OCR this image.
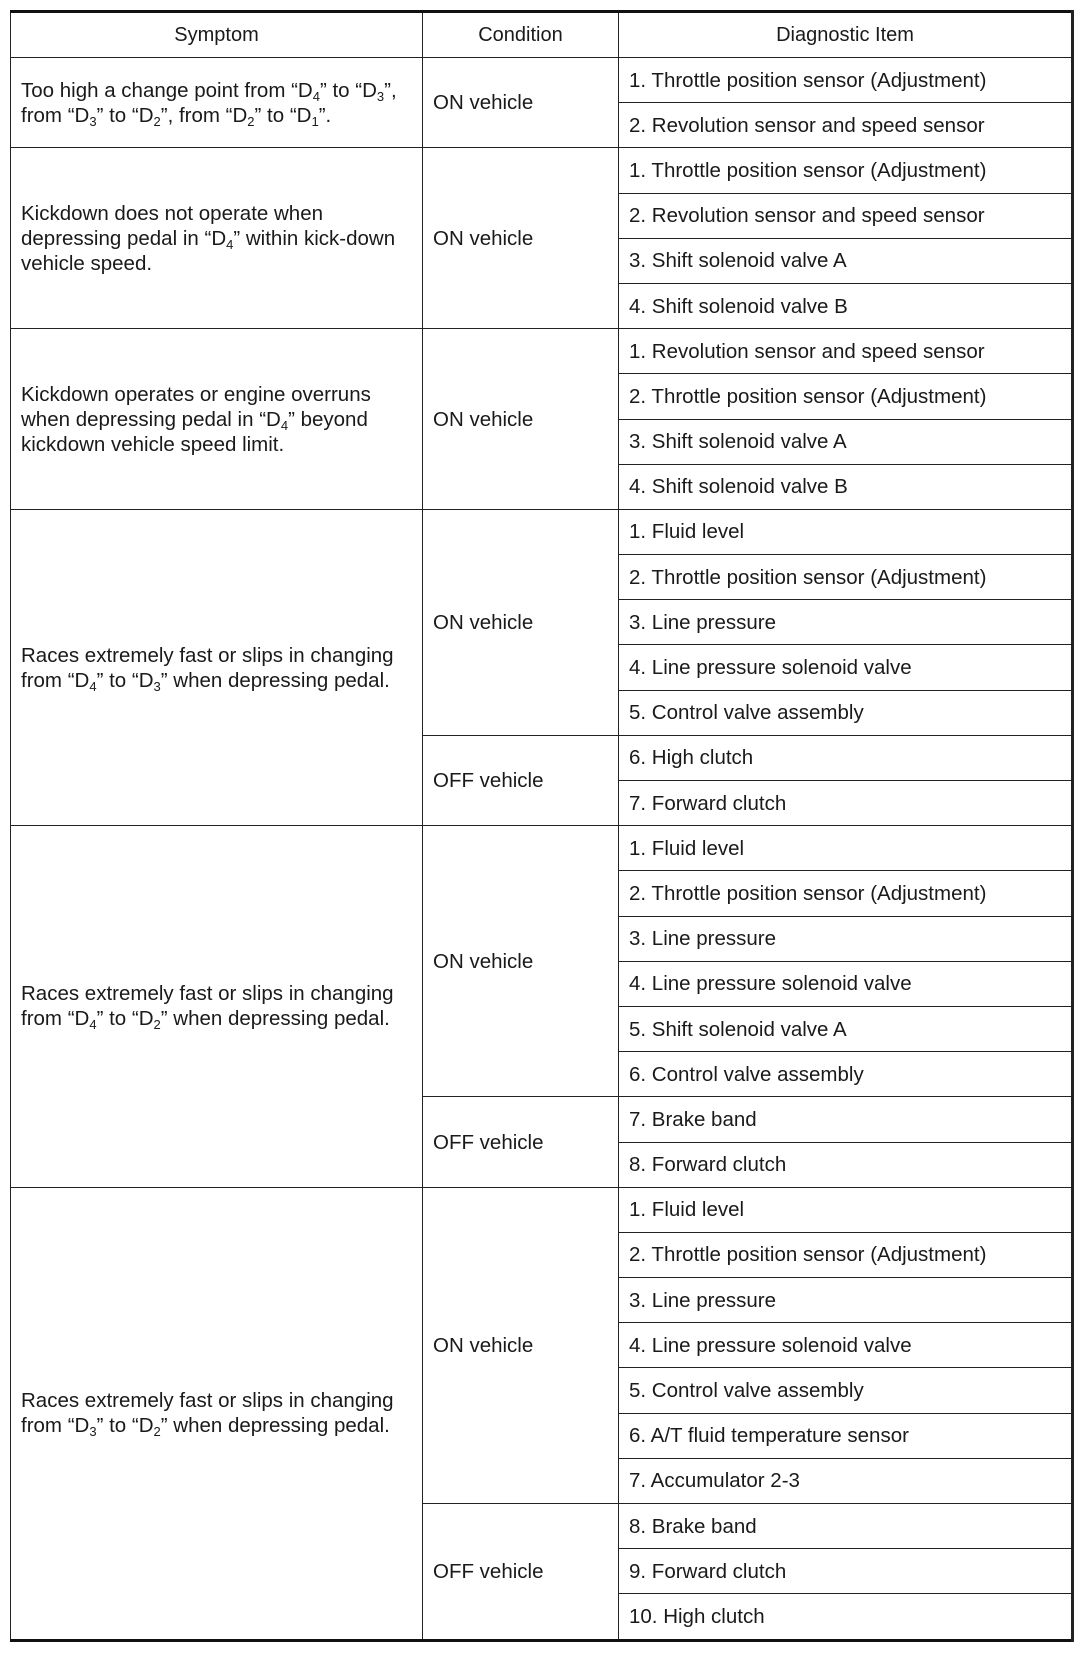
Symptom	Condition	Diagnostic Item
Too high a change point from “$D_4$” to “$D_3$”, from “$D_3$” to “$D_2$”, from “$D_2$” to “$D_1$”.	ON vehicle	1. Throttle position sensor (Adjustment)
		2. Revolution sensor and speed sensor
Kickdown does not operate when depressing pedal in “$D_4$” within kick-down vehicle speed.	ON vehicle	1. Throttle position sensor (Adjustment)
		2. Revolution sensor and speed sensor
		3. Shift solenoid valve A
		4. Shift solenoid valve B
Kickdown operates or engine overruns when depressing pedal in “$D_4$” beyond kickdown vehicle speed limit.	ON vehicle	1. Revolution sensor and speed sensor
		2. Throttle position sensor (Adjustment)
		3. Shift solenoid valve A
		4. Shift solenoid valve B
Races extremely fast or slips in changing from “$D_4$” to “$D_3$” when depressing pedal.	ON vehicle	1. Fluid level
		2. Throttle position sensor (Adjustment)
		3. Line pressure
		4. Line pressure solenoid valve
		5. Control valve assembly
	OFF vehicle	6. High clutch
		7. Forward clutch
Races extremely fast or slips in changing from “$D_4$” to “$D_2$” when depressing pedal.	ON vehicle	1. Fluid level
		2. Throttle position sensor (Adjustment)
		3. Line pressure
		4. Line pressure solenoid valve
		5. Shift solenoid valve A
		6. Control valve assembly
	OFF vehicle	7. Brake band
		8. Forward clutch
Races extremely fast or slips in changing from “$D_3$” to “$D_2$” when depressing pedal.	ON vehicle	1. Fluid level
		2. Throttle position sensor (Adjustment)
		3. Line pressure
		4. Line pressure solenoid valve
		5. Control valve assembly
		6. A/T fluid temperature sensor
		7. Accumulator 2-3
	OFF vehicle	8. Brake band
		9. Forward clutch
		10. High clutch
